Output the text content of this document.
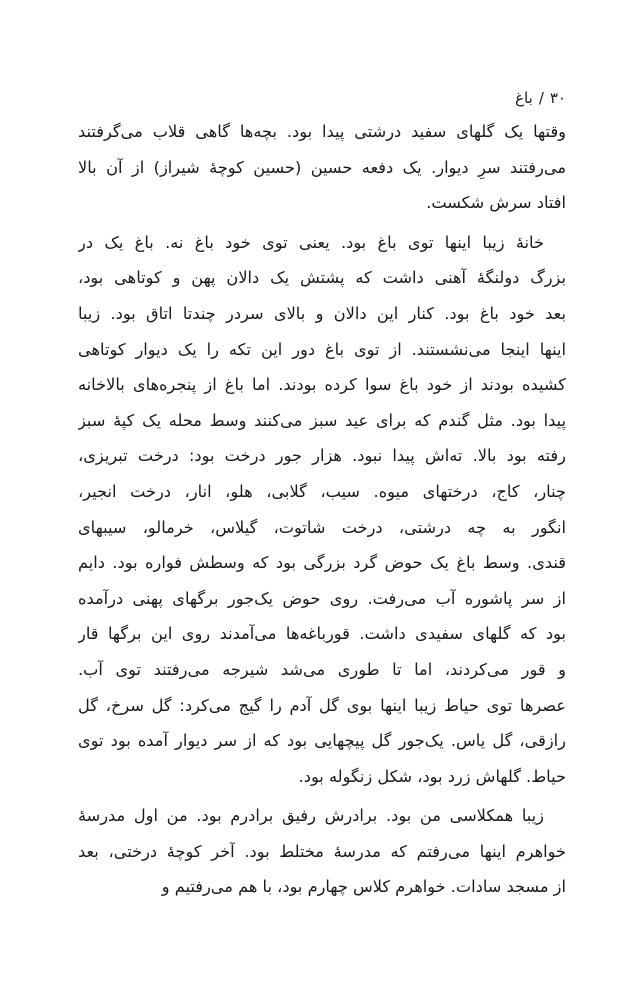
۳۰/باغ
وقتها یک گلهای سفید درشتی پیدا بود. بچه‌ها گاهی قلاب می‌گرفتند
می‌رفتند سرِ دیوار. یک دفعه حسین (حسین کوچهٔ شیراز) از آن بالا
افتاد سرش شکست.
خانهٔ زیبا اینها توی باغ بود. یعنی توی خود باغ نه. باغ یک در
بزرگ دولنگهٔ آهنی داشت که پشتش یک دالان پهن و کوتاهی بود،
بعد خود باغ بود. کنار این دالان و بالای سردر چندتا اتاق بود. زیبا
اینها اینجا می‌نشستند. از توی باغ دور این تکه را یک دیوار کوتاهی
کشیده بودند از خود باغ سوا کرده بودند. اما باغ از پنجره‌های بالاخانه
پیدا بود. مثل گندم که برای عید سبز می‌کنند وسط محله یک کپهٔ سبز
رفته بود بالا. ته‌اش پیدا نبود. هزار جور درخت بود: درخت تبریزی،
چنار، کاج، درختهای میوه. سیب، گلابی، هلو، انار، درخت انجیر،
انگور به چه درشتی، درخت شاتوت، گیلاس، خرمالو، سیبهای
قندی. وسط باغ یک حوض گرد بزرگی بود که وسطش فواره بود. دایم
از سر پاشوره آب می‌رفت. روی حوض یک‌جور برگهای پهنی درآمده
بود که گلهای سفیدی داشت. قورباغه‌ها می‌آمدند روی این برگها قار
و قور می‌کردند، اما تا طوری می‌شد شیرجه می‌رفتند توی آب.
عصرها توی حیاط زیبا اینها بوی گل آدم را گیج می‌کرد: گل سرخ، گل
رازقی، گل یاس. یک‌جور گل پیچهایی بود که از سر دیوار آمده بود توی
حیاط. گلهاش زرد بود، شکل زنگوله بود.
زیبا همکلاسی من بود. برادرش رفیق برادرم بود. من اول مدرسهٔ
خواهرم اینها می‌رفتم که مدرسهٔ مختلط بود. آخر کوچهٔ درختی، بعد
از مسجد سادات. خواهرم کلاس چهارم بود، با هم می‌رفتیم و
